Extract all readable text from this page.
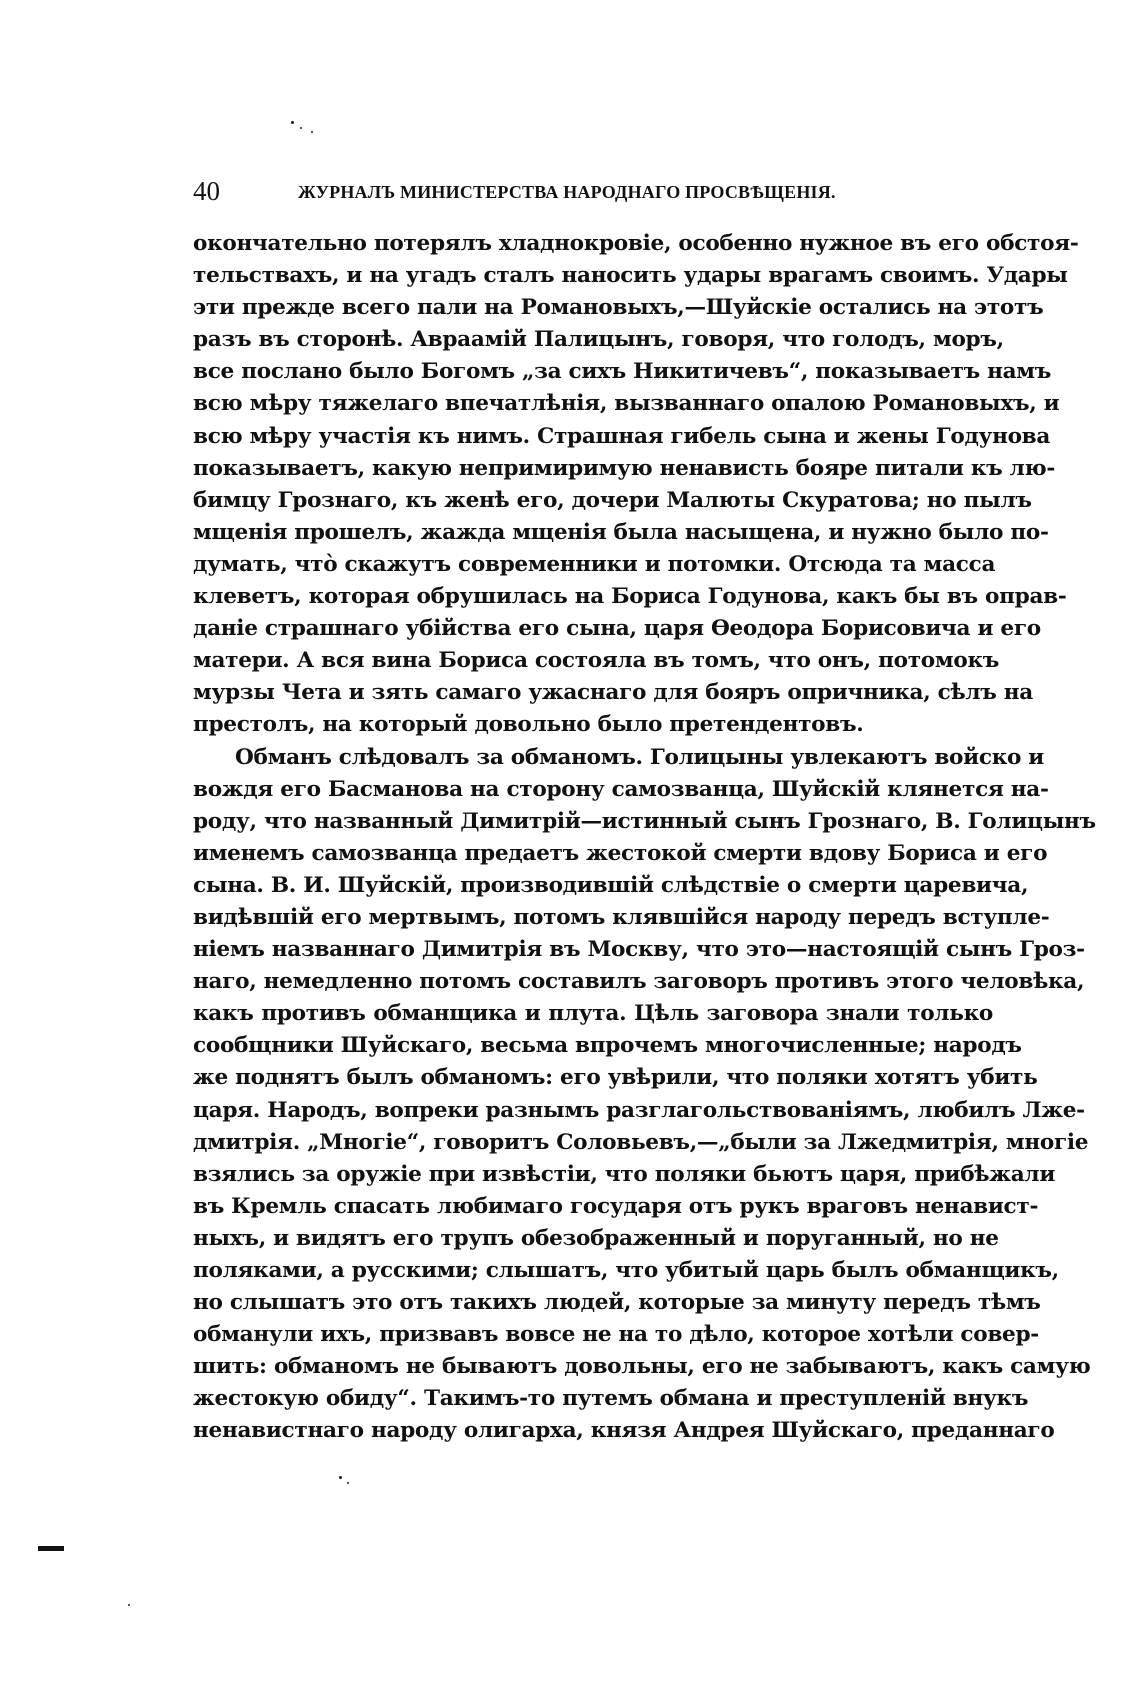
40	ЖУРНАЛЪ МИНИСТЕРСТВА НАРОДНАГО ПРОСВѢЩЕНІЯ.
окончательно потерялъ хладнокровіе, особенно нужное въ его обстоя-
тельствахъ, и на угадъ сталъ наносить удары врагамъ своимъ. Удары
эти прежде всего пали на Романовыхъ,—Шуйскіе остались на этотъ
разъ въ сторонѣ. Авраамій Палицынъ, говоря, что голодъ, моръ,
все послано было Богомъ „за сихъ Никитичевъ“, показываетъ намъ
всю мѣру тяжелаго впечатлѣнія, вызваннаго опалою Романовыхъ, и
всю мѣру участія къ нимъ. Страшная гибель сына и жены Годунова
показываетъ, какую непримиримую ненависть бояре питали къ лю-
бимцу Грознаго, къ женѣ его, дочери Малюты Скуратова; но пылъ
мщенія прошелъ, жажда мщенія была насыщена, и нужно было по-
думать, что̀ скажутъ современники и потомки. Отсюда та масса
клеветъ, которая обрушилась на Бориса Годунова, какъ бы въ оправ-
даніе страшнаго убійства его сына, царя Ѳеодора Борисовича и его
матери. А вся вина Бориса состояла въ томъ, что онъ, потомокъ
мурзы Чета и зять самаго ужаснаго для бояръ опричника, сѣлъ на
престолъ, на который довольно было претендентовъ.
Обманъ слѣдовалъ за обманомъ. Голицыны увлекаютъ войско и
вождя его Басманова на сторону самозванца, Шуйскій клянется на-
роду, что названный Димитрій—истинный сынъ Грознаго, В. Голицынъ
именемъ самозванца предаетъ жестокой смерти вдову Бориса и его
сына. В. И. Шуйскій, производившій слѣдствіе о смерти царевича,
видѣвшій его мертвымъ, потомъ клявшійся народу передъ вступле-
ніемъ названнаго Димитрія въ Москву, что это—настоящій сынъ Гроз-
наго, немедленно потомъ составилъ заговоръ противъ этого человѣка,
какъ противъ обманщика и плута. Цѣль заговора знали только
сообщники Шуйскаго, весьма впрочемъ многочисленные; народъ
же поднятъ былъ обманомъ: его увѣрили, что поляки хотятъ убить
царя. Народъ, вопреки разнымъ разглагольствованіямъ, любилъ Лже-
дмитрія. „Многіе“, говоритъ Соловьевъ,—„были за Лжедмитрія, многіе
взялись за оружіе при извѣстіи, что поляки бьютъ царя, прибѣжали
въ Кремль спасать любимаго государя отъ рукъ враговъ ненавист-
ныхъ, и видятъ его трупъ обезображенный и поруганный, но не
поляками, а русскими; слышатъ, что убитый царь былъ обманщикъ,
но слышатъ это отъ такихъ людей, которые за минуту передъ тѣмъ
обманули ихъ, призвавъ вовсе не на то дѣло, которое хотѣли совер-
шить: обманомъ не бываютъ довольны, его не забываютъ, какъ самую
жестокую обиду“. Такимъ-то путемъ обмана и преступленій внукъ
ненавистнаго народу олигарха, князя Андрея Шуйскаго, преданнаго
